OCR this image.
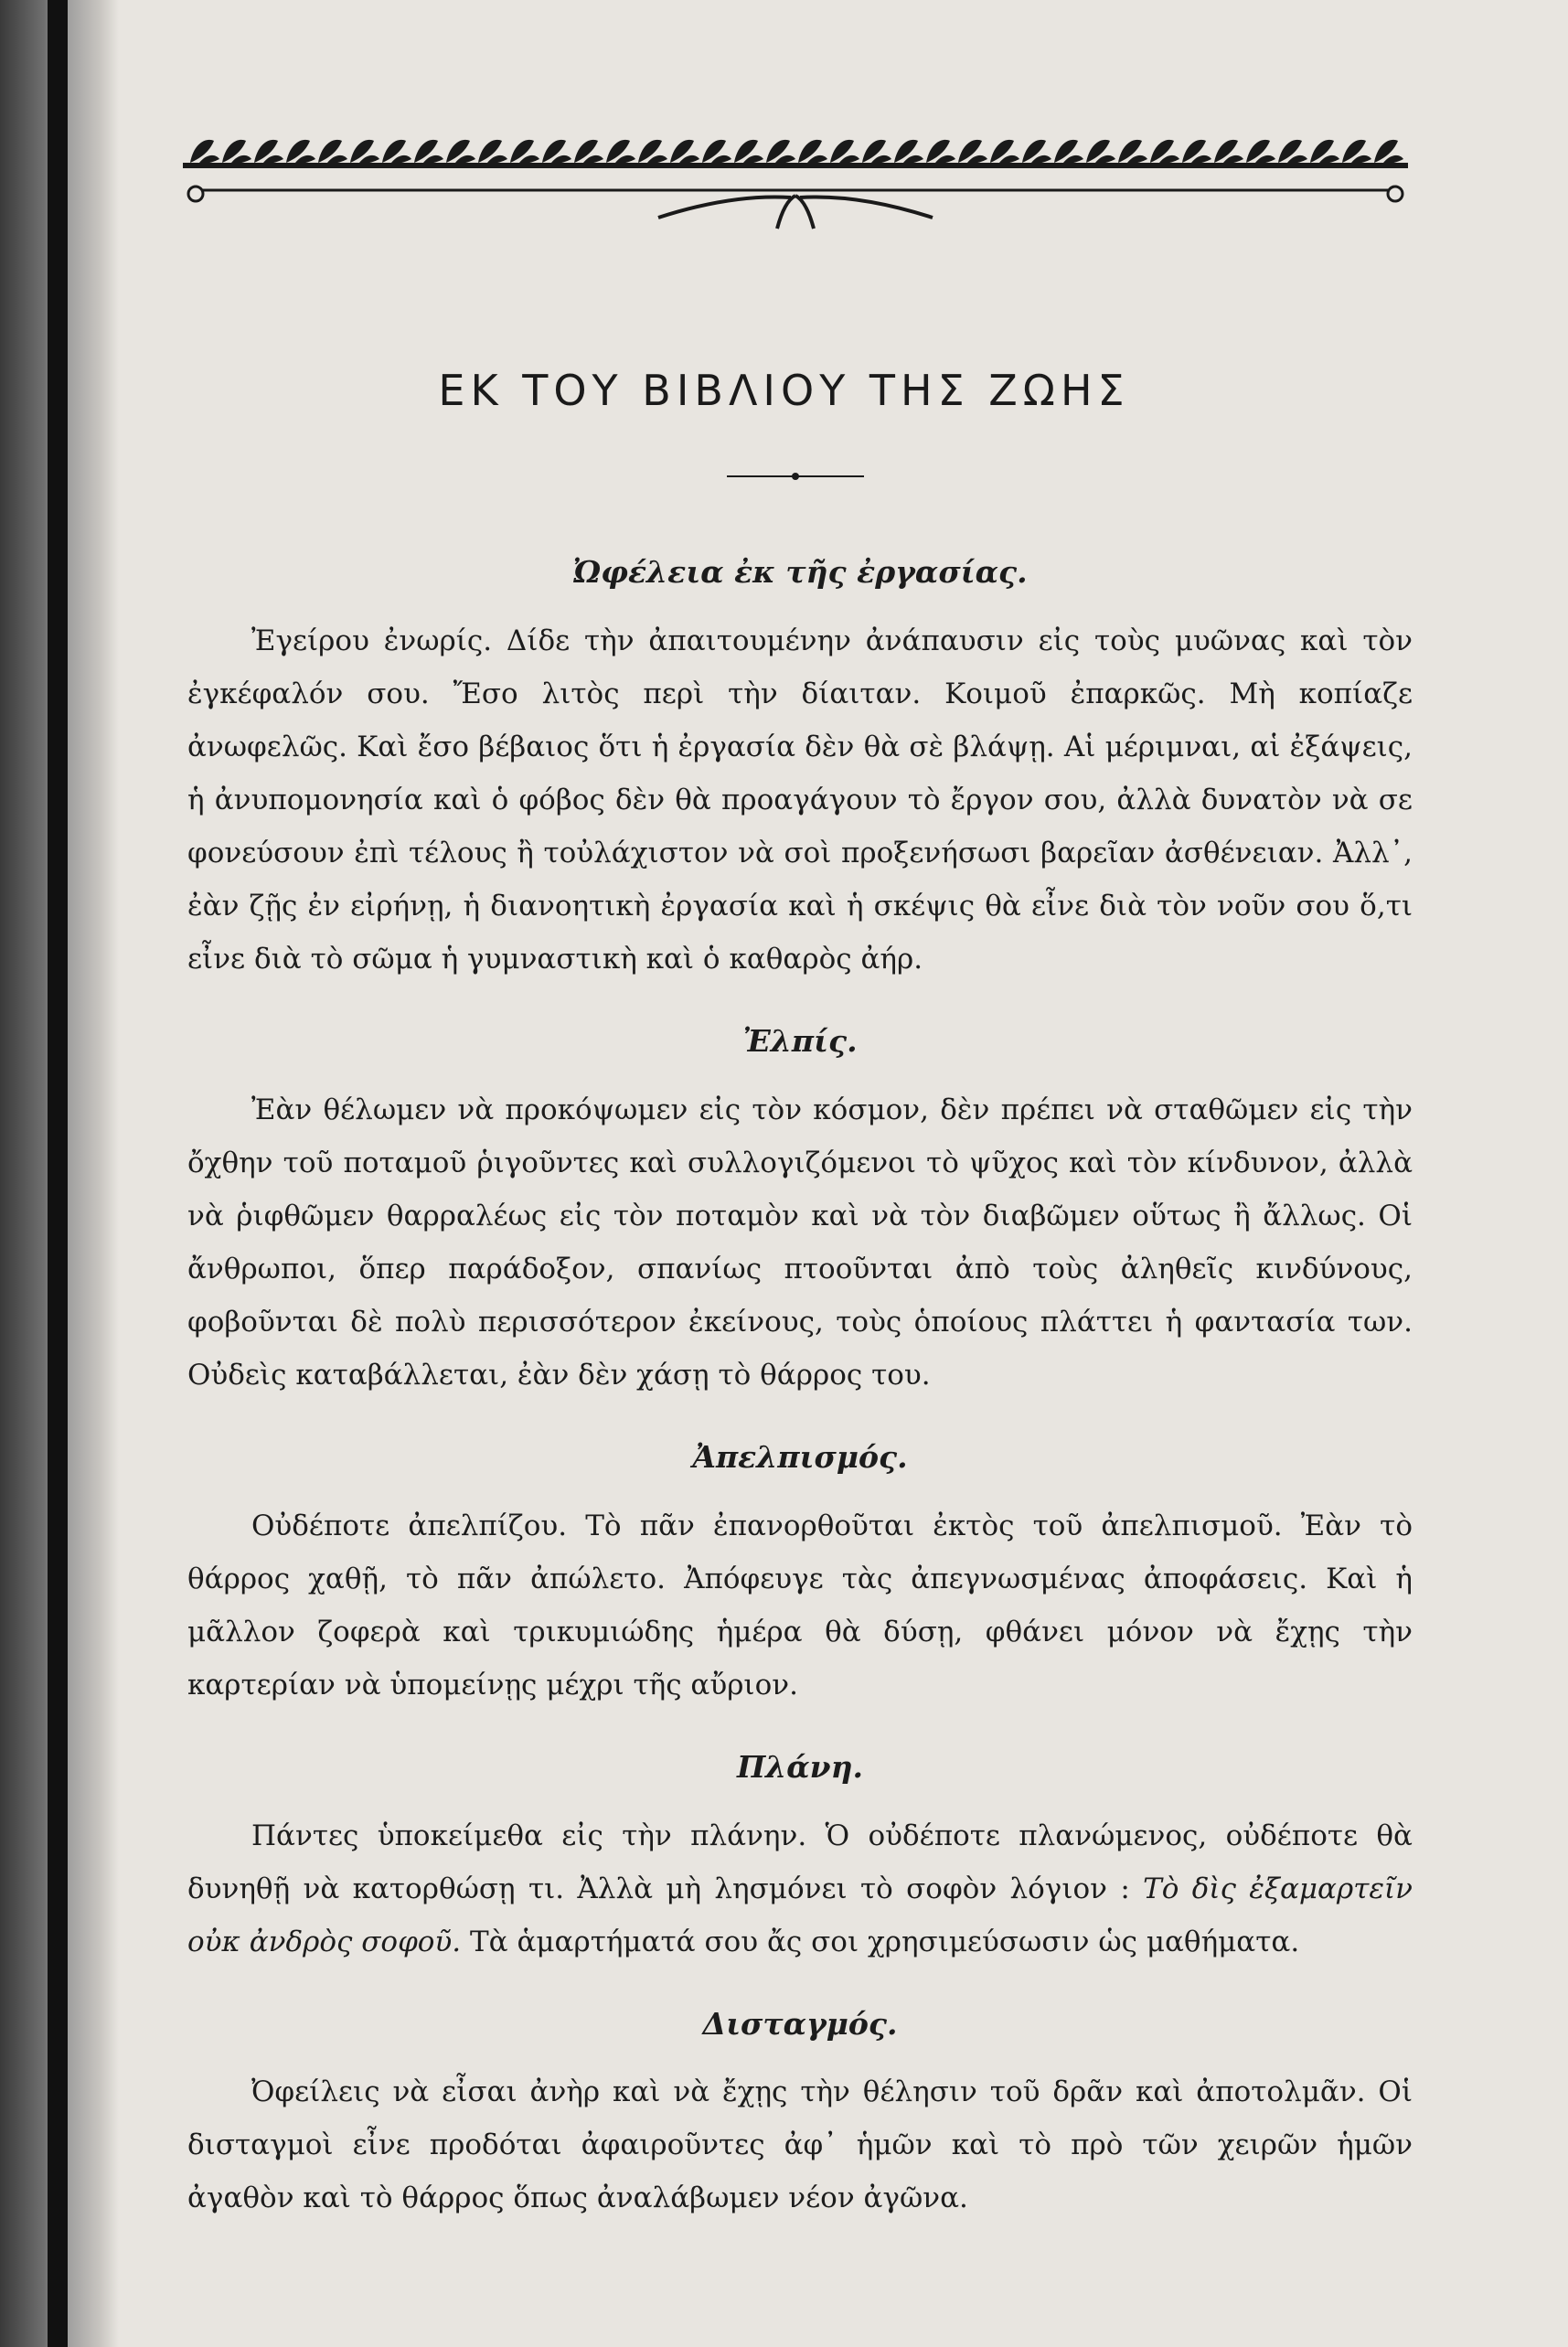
ΕΚ ΤΟΥ ΒΙΒΛΙΟΥ ΤΗΣ ΖΩΗΣ
Ὠφέλεια ἐκ τῆς ἐργασίας.

Ἐγείρου ἐνωρίς. Δίδε τὴν ἀπαιτουμένην ἀνάπαυσιν εἰς τοὺς μυῶνας καὶ τὸν ἐγκέφαλόν σου. Ἔσο λιτὸς περὶ τὴν δίαιταν. Κοιμοῦ ἐπαρκῶς. Μὴ κοπίαζε ἀνωφελῶς. Καὶ ἔσο βέβαιος ὅτι ἡ ἐργασία δὲν θὰ σὲ βλάψῃ. Αἱ μέριμναι, αἱ ἐξάψεις, ἡ ἀνυπομονησία καὶ ὁ φόβος δὲν θὰ προαγάγουν τὸ ἔργον σου, ἀλλὰ δυνατὸν νὰ σε φονεύσουν ἐπὶ τέλους ἢ τοὐλάχιστον νὰ σοὶ προξενήσωσι βαρεῖαν ἀσθένειαν. Ἀλλ᾽, ἐὰν ζῇς ἐν εἰρήνῃ, ἡ διανοητικὴ ἐργασία καὶ ἡ σκέψις θὰ εἶνε διὰ τὸν νοῦν σου ὅ,τι εἶνε διὰ τὸ σῶμα ἡ γυμναστικὴ καὶ ὁ καθαρὸς ἀήρ.

Ἐλπίς.

Ἐὰν θέλωμεν νὰ προκόψωμεν εἰς τὸν κόσμον, δὲν πρέπει νὰ σταθῶμεν εἰς τὴν ὄχθην τοῦ ποταμοῦ ῥιγοῦντες καὶ συλλογιζόμενοι τὸ ψῦχος καὶ τὸν κίνδυνον, ἀλλὰ νὰ ῥιφθῶμεν θαρραλέως εἰς τὸν ποταμὸν καὶ νὰ τὸν διαβῶμεν οὕτως ἢ ἄλλως. Οἱ ἄνθρωποι, ὅπερ παράδοξον, σπανίως πτοοῦνται ἀπὸ τοὺς ἀληθεῖς κινδύνους, φοβοῦνται δὲ πολὺ περισσότερον ἐκείνους, τοὺς ὁποίους πλάττει ἡ φαντασία των. Οὐδεὶς καταβάλλεται, ἐὰν δὲν χάσῃ τὸ θάρρος του.

Ἀπελπισμός.

Οὐδέποτε ἀπελπίζου. Τὸ πᾶν ἐπανορθοῦται ἐκτὸς τοῦ ἀπελπισμοῦ. Ἐὰν τὸ θάρρος χαθῇ, τὸ πᾶν ἀπώλετο. Ἀπόφευγε τὰς ἀπεγνωσμένας ἀποφάσεις. Καὶ ἡ μᾶλλον ζοφερὰ καὶ τρικυμιώδης ἡμέρα θὰ δύσῃ, φθάνει μόνον νὰ ἔχῃς τὴν καρτερίαν νὰ ὑπομείνῃς μέχρι τῆς αὔριον.

Πλάνη.

Πάντες ὑποκείμεθα εἰς τὴν πλάνην. Ὁ οὐδέποτε πλανώμενος, οὐδέποτε θὰ δυνηθῇ νὰ κατορθώσῃ τι. Ἀλλὰ μὴ λησμόνει τὸ σοφὸν λόγιον : Τὸ δὶς ἐξαμαρτεῖν οὐκ ἀνδρὸς σοφοῦ. Τὰ ἁμαρτήματά σου ἄς σοι χρησιμεύσωσιν ὡς μαθήματα.

Δισταγμός.

Ὀφείλεις νὰ εἶσαι ἀνὴρ καὶ νὰ ἔχῃς τὴν θέλησιν τοῦ δρᾶν καὶ ἀποτολμᾶν. Οἱ δισταγμοὶ εἶνε προδόται ἀφαιροῦντες ἀφ᾽ ἡμῶν καὶ τὸ πρὸ τῶν χειρῶν ἡμῶν ἀγαθὸν καὶ τὸ θάρρος ὅπως ἀναλάβωμεν νέον ἀγῶνα.
